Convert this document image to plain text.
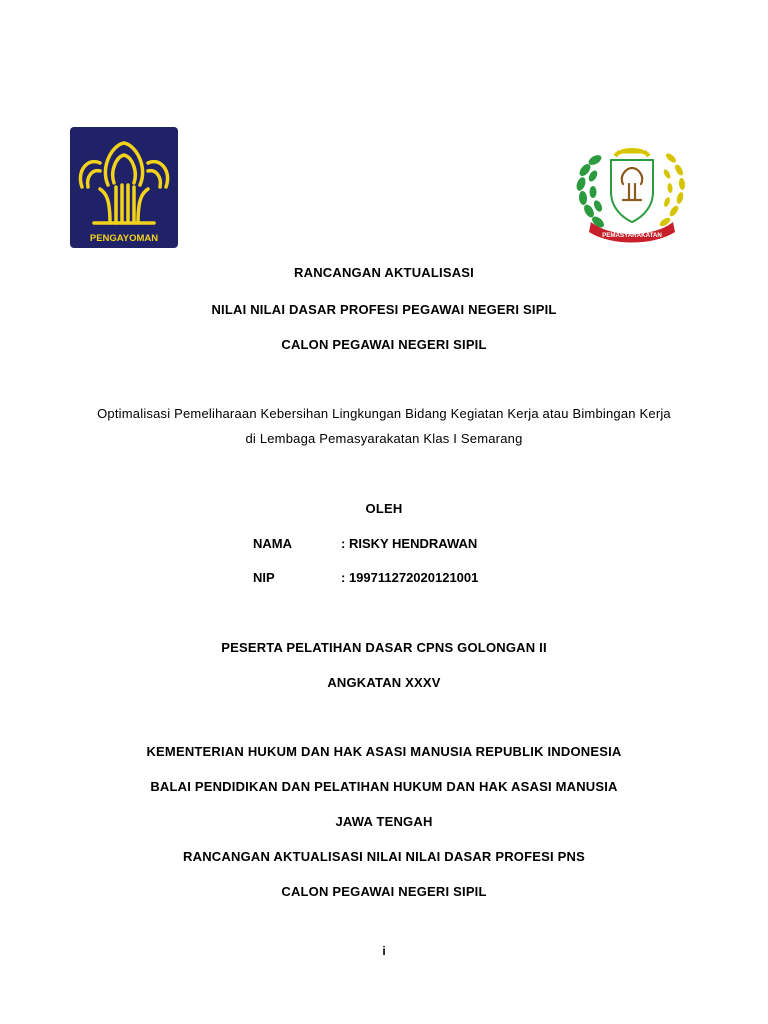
PENGAYOMAN	PEMASYARAKATAN
RANCANGAN AKTUALISASI
NILAI NILAI DASAR PROFESI PEGAWAI NEGERI SIPIL
CALON PEGAWAI NEGERI SIPIL
Optimalisasi Pemeliharaan Kebersihan Lingkungan Bidang Kegiatan Kerja atau Bimbingan Kerja
di Lembaga Pemasyarakatan Klas I Semarang
OLEH
NAMA	: RISKY HENDRAWAN
NIP	: 199711272020121001
PESERTA PELATIHAN DASAR CPNS GOLONGAN II
ANGKATAN XXXV
KEMENTERIAN HUKUM DAN HAK ASASI MANUSIA REPUBLIK INDONESIA
BALAI PENDIDIKAN DAN PELATIHAN HUKUM DAN HAK ASASI MANUSIA
JAWA TENGAH
RANCANGAN AKTUALISASI NILAI NILAI DASAR PROFESI PNS
CALON PEGAWAI NEGERI SIPIL
i
